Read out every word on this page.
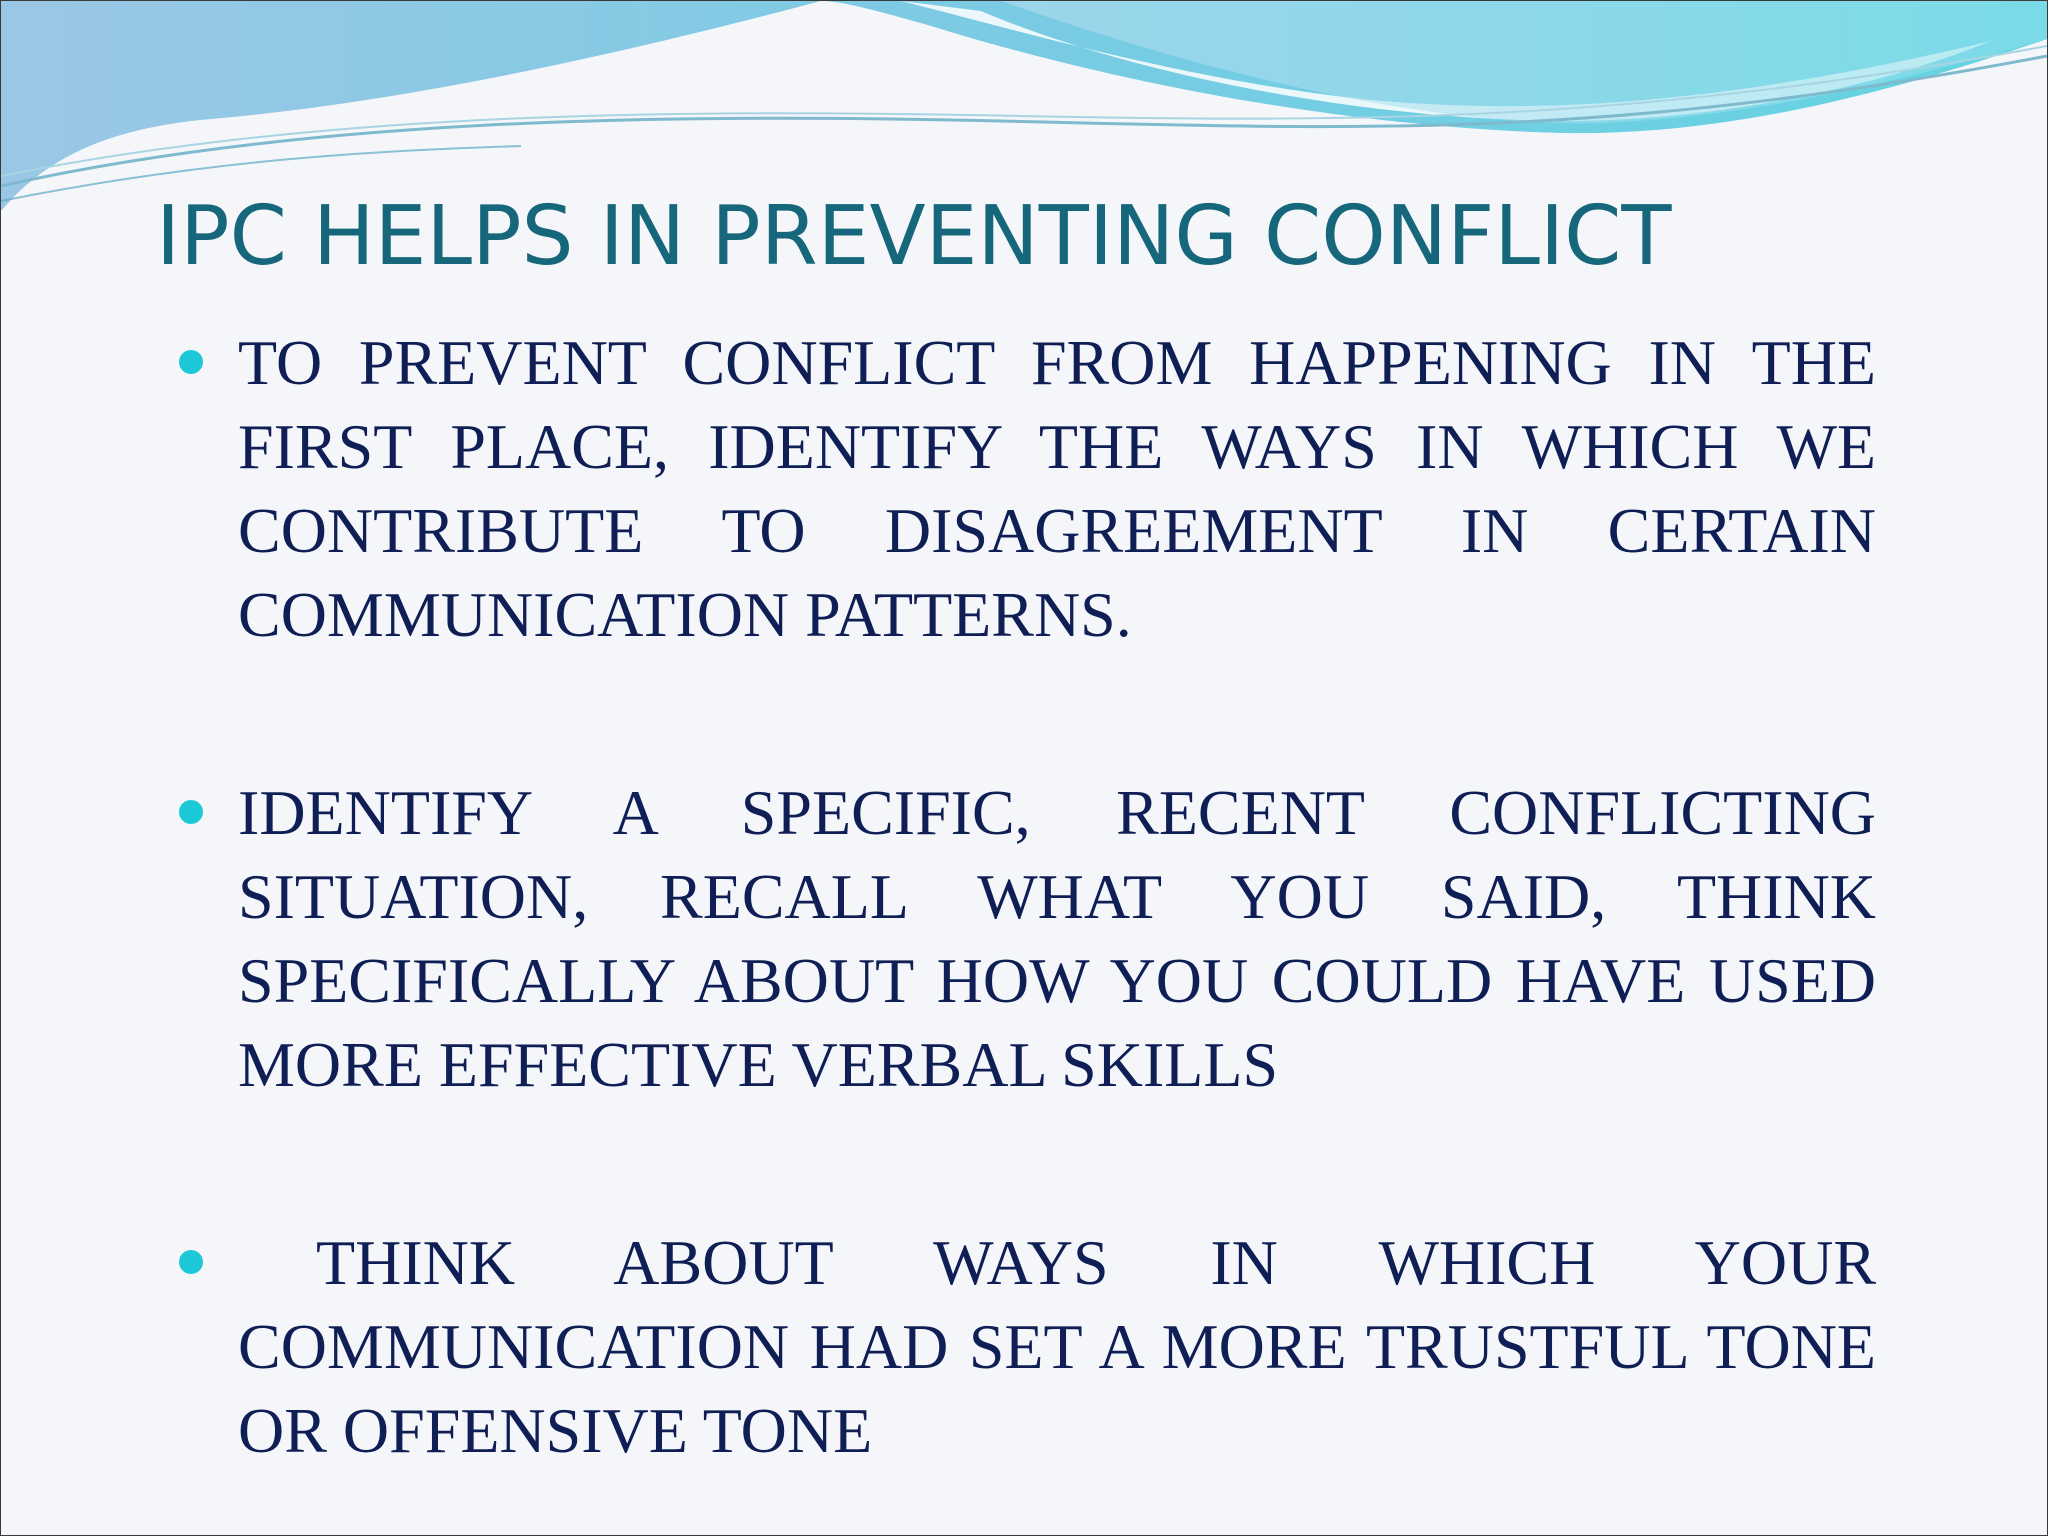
IPC HELPS IN PREVENTING CONFLICT
TO PREVENT CONFLICT FROM HAPPENING IN THE FIRST PLACE, IDENTIFY THE WAYS IN WHICH WE CONTRIBUTE TO DISAGREEMENT IN CERTAIN COMMUNICATION PATTERNS.
IDENTIFY A SPECIFIC, RECENT CONFLICTING SITUATION, RECALL WHAT YOU SAID, THINK SPECIFICALLY ABOUT HOW YOU COULD HAVE USED MORE EFFECTIVE VERBAL SKILLS
THINK ABOUT WAYS IN WHICH YOUR COMMUNICATION HAD SET A MORE TRUSTFUL TONE OR OFFENSIVE TONE
